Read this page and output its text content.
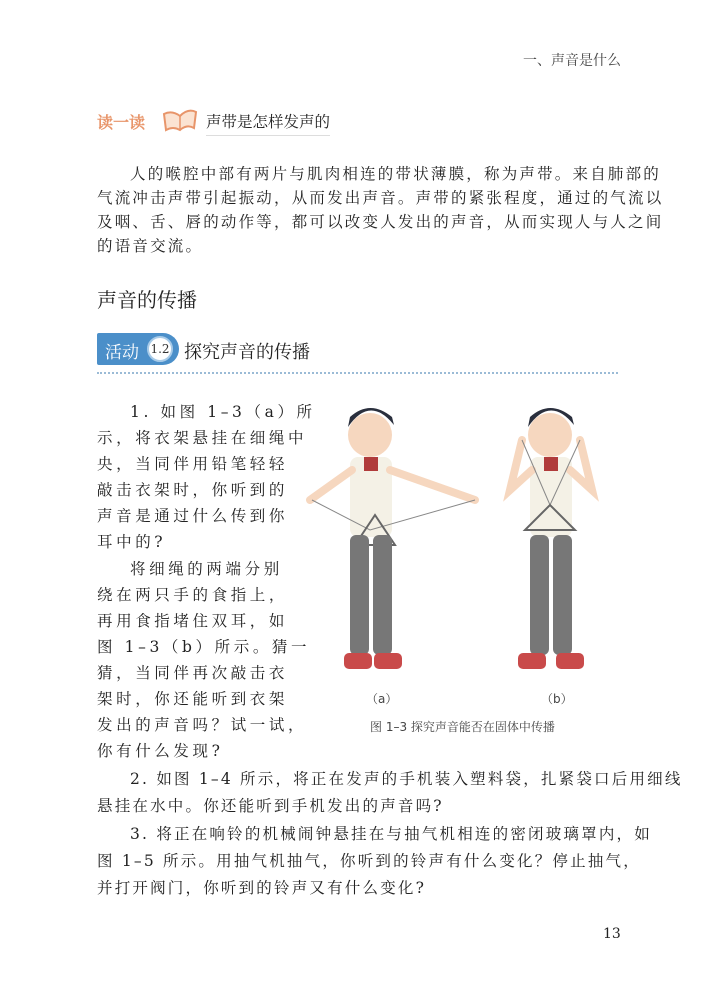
一、声音是什么
读一读	声带是怎样发声的
人的喉腔中部有两片与肌肉相连的带状薄膜，称为声带。来自肺部的
气流冲击声带引起振动，从而发出声音。声带的紧张程度，通过的气流以
及咽、舌、唇的动作等，都可以改变人发出的声音，从而实现人与人之间
的语音交流。
声音的传播
活动 1.2 探究声音的传播
1. 如图 1–3（a）所
示，将衣架悬挂在细绳中
央，当同伴用铅笔轻轻
敲击衣架时，你听到的
声音是通过什么传到你
耳中的?
将细绳的两端分别
绕在两只手的食指上，
再用食指堵住双耳，如
图 1–3（b）所示。猜一
猜，当同伴再次敲击衣
架时，你还能听到衣架
发出的声音吗？试一试，
你有什么发现?
（a）	（b）
图 1–3 探究声音能否在固体中传播
2. 如图 1–4 所示，将正在发声的手机装入塑料袋，扎紧袋口后用细线
悬挂在水中。你还能听到手机发出的声音吗?
3. 将正在响铃的机械闹钟悬挂在与抽气机相连的密闭玻璃罩内，如
图 1–5 所示。用抽气机抽气，你听到的铃声有什么变化？停止抽气，
并打开阀门，你听到的铃声又有什么变化?
13
